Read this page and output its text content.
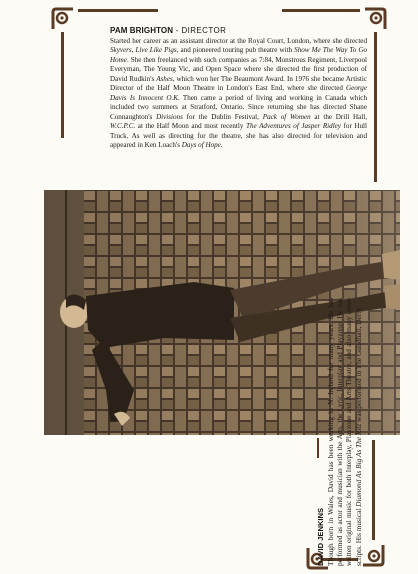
PAM BRIGHTON - DIRECTOR

Started her career as an assistant director at the Royal Court, London, where she directed Skyvers, Live Like Pigs, and pioneered touring pub theatre with Show Me The Way To Go Home. She then freelanced with such companies as 7:84, Monstrous Regiment, Liverpool Everyman, The Young Vic, and Open Space where she directed the first production of David Rudkin's Ashes, which won her The Beaumont Award. In 1976 she became Artistic Director of the Half Moon Theatre in London's East End, where she directed George Davis Is Innocent O.K. Then came a period of living and working in Canada which included two summers at Stratford, Ontario. Since returning she has directed Shane Connaughton's Divisions for the Dublin Festival, Pack of Women at the Drill Hall, W.C.P.C. at the Half Moon and most recently The Adventures of Jasper Ridley for Hull Truck. As well as directing for the theatre, she has also directed for television and appeared in Ken Loach's Days of Hope.

DAVID JENKINS Though born in Wales, David has been working in N. Ireland for many years. He has performed as actor and musician with the Arts, the Lyric, Interplay and Playzone. He has written original music for both Interplay, Playzone and Arts Theatre, and also many revue scripts. His musical Diamond As Big As The Ritz was performed in The Guildhall, Derry.
